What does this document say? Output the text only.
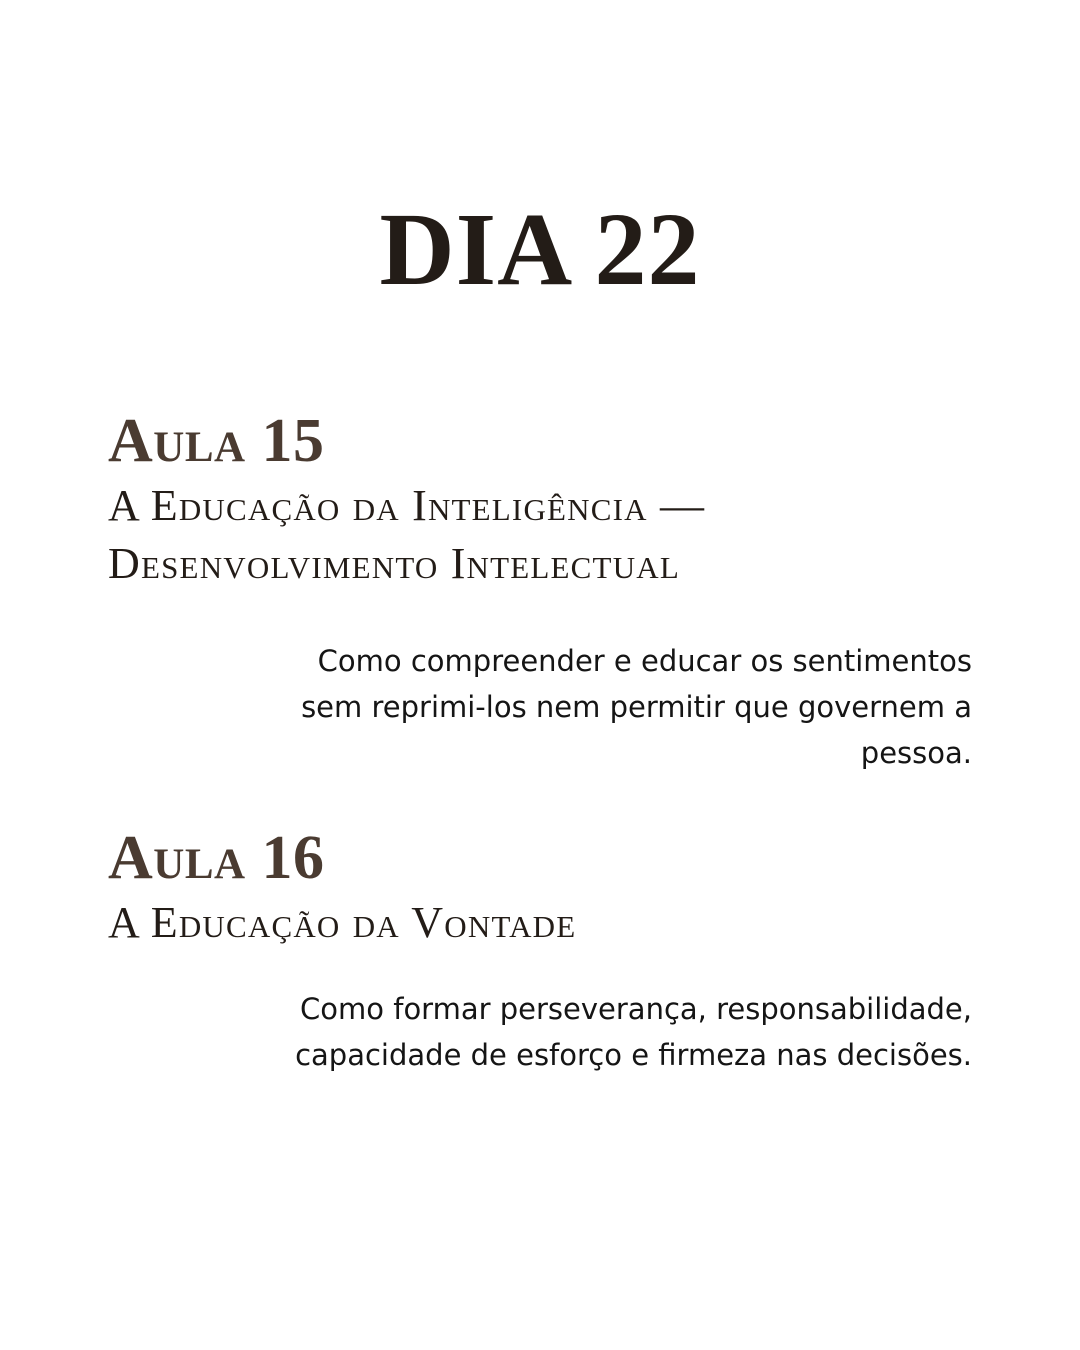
DIA 22
Aula 15
A Educação da Inteligência —
Desenvolvimento Intelectual
Como compreender e educar os sentimentos
sem reprimi-los nem permitir que governem a
pessoa.
Aula 16
A Educação da Vontade
Como formar perseverança, responsabilidade,
capacidade de esforço e firmeza nas decisões.
